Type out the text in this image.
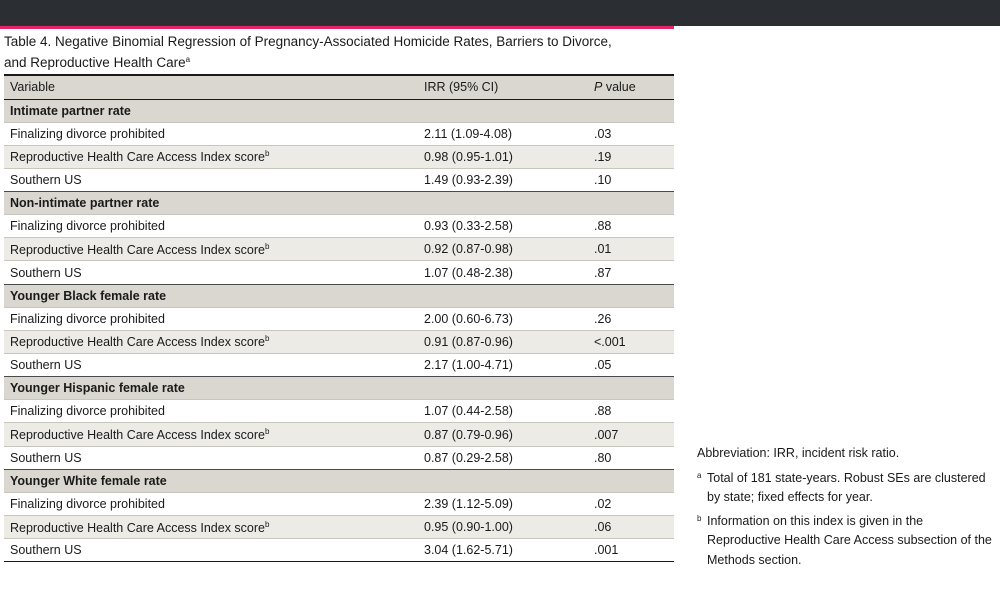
Table 4. Negative Binomial Regression of Pregnancy-Associated Homicide Rates, Barriers to Divorce,
and Reproductive Health Care$^a$
Variable	IRR (95% CI)	P value
Intimate partner rate		
Finalizing divorce prohibited	2.11 (1.09-4.08)	.03
Reproductive Health Care Access Index score$^b$	0.98 (0.95-1.01)	.19
Southern US	1.49 (0.93-2.39)	.10
Non-intimate partner rate		
Finalizing divorce prohibited	0.93 (0.33-2.58)	.88
Reproductive Health Care Access Index score$^b$	0.92 (0.87-0.98)	.01
Southern US	1.07 (0.48-2.38)	.87
Younger Black female rate		
Finalizing divorce prohibited	2.00 (0.60-6.73)	.26
Reproductive Health Care Access Index score$^b$	0.91 (0.87-0.96)	<.001
Southern US	2.17 (1.00-4.71)	.05
Younger Hispanic female rate		
Finalizing divorce prohibited	1.07 (0.44-2.58)	.88
Reproductive Health Care Access Index score$^b$	0.87 (0.79-0.96)	.007
Southern US	0.87 (0.29-2.58)	.80
Younger White female rate		
Finalizing divorce prohibited	2.39 (1.12-5.09)	.02
Reproductive Health Care Access Index score$^b$	0.95 (0.90-1.00)	.06
Southern US	3.04 (1.62-5.71)	.001
Abbreviation: IRR, incident risk ratio.
a Total of 181 state-years. Robust SEs are clustered by state; fixed effects for year.
b Information on this index is given in the Reproductive Health Care Access subsection of the Methods section.
